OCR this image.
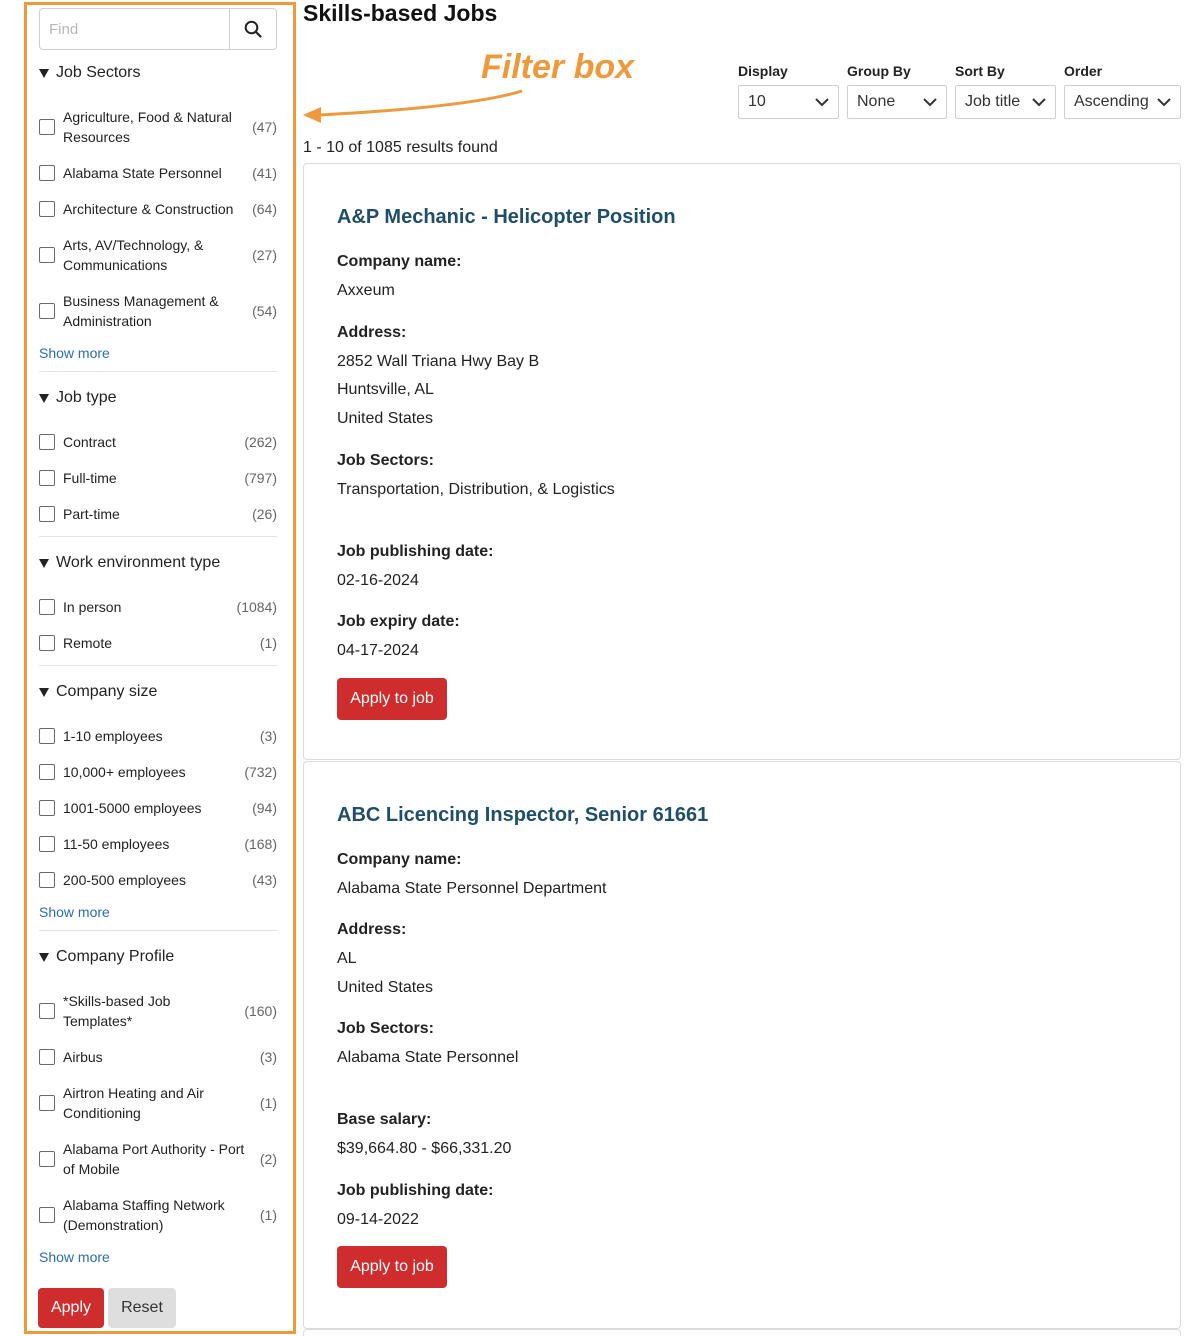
Find
Job Sectors
Agriculture, Food & Natural Resources
(47)
Alabama State Personnel	(41)
Architecture & Construction	(64)
Arts, AV/Technology, & Communications
(27)
Business Management & Administration
(54)
Show more
Job type
Contract	(262)
Full-time	(797)
Part-time	(26)
Work environment type
In person	(1084)
Remote	(1)
Company size
1-10 employees	(3)
10,000+ employees	(732)
1001-5000 employees	(94)
11-50 employees	(168)
200-500 employees	(43)
Show more
Company Profile
*Skills-based Job Templates*
(160)
Airbus	(3)
Airtron Heating and Air Conditioning
(1)
Alabama Port Authority - Port of Mobile
(2)
Alabama Staffing Network (Demonstration)
(1)
Show more
Apply	Reset
Skills-based Jobs
Filter box	Display
10
Group By
None
Sort By
Job title
Order
Ascending
1 - 10 of 1085 results found
A&P Mechanic - Helicopter Position
Company name:
Axxeum
Address:
2852 Wall Triana Hwy Bay B
Huntsville, AL
United States
Job Sectors:
Transportation, Distribution, & Logistics
Job publishing date:
02-16-2024
Job expiry date:
04-17-2024
Apply to job
ABC Licencing Inspector, Senior 61661
Company name:
Alabama State Personnel Department
Address:
AL
United States
Job Sectors:
Alabama State Personnel
Base salary:
$39,664.80 - $66,331.20
Job publishing date:
09-14-2022
Apply to job
